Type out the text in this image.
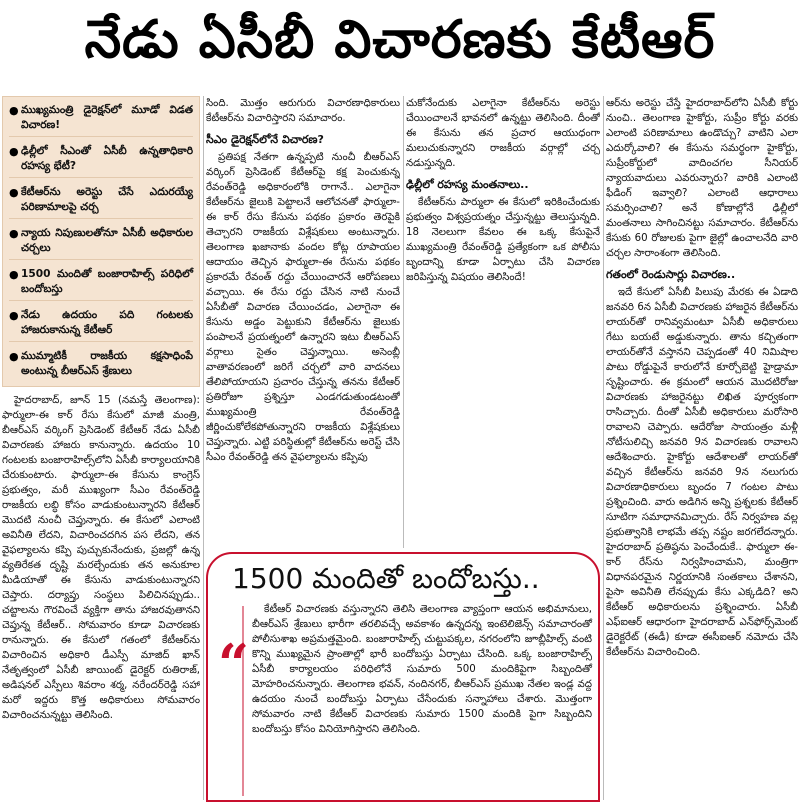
నేడు ఏసీబీ విచారణకు కేటీఆర్
● ముఖ్యమంత్రి డైరెక్షన్‌లో మూడో విడత విచారణ!
● ఢిల్లీలో సీఎంతో ఏసీబీ ఉన్నతాధికారి రహస్య భేటీ?
● కేటీఆర్‌ను అరెస్టు చేసే ఎదురయ్యే పరిణామాలపై చర్చ
● న్యాయ నిపుణులతోనూ ఏసీబీ అధికారుల చర్చలు
● 1500 మందితో బంజారాహిల్స్ పరిధిలో బందోబస్తు
● నేడు ఉదయం పది గంటలకు హాజరుకానున్న కేటీఆర్
● ముమ్మాటికీ రాజకీయ కక్షసాధింపే అంటున్న బీఆర్ఎస్ శ్రేణులు

హైదరాబాద్, జూన్ 15 (నమస్తే తెలంగాణ): ఫార్ములా-ఈ కార్ రేసు కేసులో మాజీ మంత్రి, బీఆర్ఎస్ వర్కింగ్ ప్రెసిడెంట్ కేటీఆర్ నేడు ఏసీబీ విచారణకు హాజరు కానున్నారు. ఉదయం 10 గంటలకు బంజారాహిల్స్‌లోని ఏసీబీ కార్యాలయానికి చేరుకుంటారు. ఫార్ములా-ఈ కేసును కాంగ్రెస్ ప్రభుత్వం, మరీ ముఖ్యంగా సీఎం రేవంత్‌రెడ్డి రాజకీయ లబ్ధి కోసం వాడుకుంటున్నారని కేటీఆర్ మొదటి నుంచీ చెప్తున్నారు. ఈ కేసులో ఎలాంటి అవినీతి లేదని, విచారించదగిన పస లేదని, తన వైఫల్యాలను కప్పి పుచ్చుకునేందుకు, ప్రజల్లో ఉన్న వ్యతిరేకత దృష్టి మరల్చేందుకు తన అనుకూల మీడియాతో ఈ కేసును వాడుకుంటున్నారని చెప్తారు. దర్యాప్తు సంస్థలు పిలిచినప్పుడు.. చట్టాలను గౌరవించే వ్యక్తిగా తాను హాజరవుతానని చెప్తున్న కేటీఆర్.. సోమవారం కూడా విచారణకు రానున్నారు. ఈ కేసులో గతంలో కేటీఆర్‌ను విచారించిన అధికారి డీఎస్పీ మాజిద్ ఖాన్ నేతృత్వంలో ఏసీబీ జాయింట్ డైరెక్టర్ రుతిరాజ్, అడిషనల్ ఎస్పీలు శివరాం శర్మ, నరేందర్‌రెడ్డి సహా మరో ఇద్దరు కొత్త అధికారులు సోమవారం విచారించనున్నట్టు తెలిసింది.

సింది. మొత్తం ఆరుగురు విచారణాధికారులు కేటీఆర్‌ను విచారిస్తారని సమాచారం.

సీఎం డైరెక్షన్‌లోనే విచారణ?

ప్రతిపక్ష నేతగా ఉన్నప్పటి నుంచీ బీఆర్ఎస్ వర్కింగ్ ప్రెసిడెంట్ కేటీఆర్‌పై కక్ష పెంచుకున్న రేవంత్‌రెడ్డి అధికారంలోకి రాగానే.. ఎలాగైనా కేటీఆర్‌ను జైలుకి పెట్టాలనే ఆలోచనతో ఫార్ములా-ఈ కార్ రేసు కేసును పథకం ప్రకారం తెరపైకి తెచ్చారని రాజకీయ విశ్లేషకులు అంటున్నారు. తెలంగాణ ఖజానాకు వందల కోట్ల రూపాయల ఆదాయం తెచ్చిన ఫార్ములా-ఈ రేసును పథకం ప్రకారమే రేవంత్ రద్దు చేయించారనే ఆరోపణలు వచ్చాయి. ఈ రేసు రద్దు చేసిన నాటి నుంచే ఏసీబీతో విచారణ చేయించడం, ఎలాగైనా ఈ కేసును అడ్డం పెట్టుకుని కేటీఆర్‌ను జైలుకు పంపాలనే ప్రయత్నంలో ఉన్నారని ఇటు బీఆర్ఎస్ వర్గాలు సైతం చెప్తున్నాయి. అసెంబ్లీ వాతావరణంలో జరిగే చర్చలో వారి వాదనలు తేలిపోయాయని ప్రచారం చేస్తున్న తనను కేటీఆర్ ప్రతిరోజూ ప్రశ్నిస్తూ ఎండగడుతుండటంతో ముఖ్యమంత్రి రేవంత్‌రెడ్డి జీర్ణించుకోలేకపోతున్నారని రాజకీయ విశ్లేషకులు చెప్తున్నారు. ఎట్టి పరిస్థితుల్లో కేటీఆర్‌ను అరెస్ట్ చేసి సీఎం రేవంత్‌రెడ్డి తన వైఫల్యాలను కప్పిపు

చుకోనేందుకు ఎలాగైనా కేటీఆర్‌ను అరెస్టు చేయించాలనే భావనలో ఉన్నట్టు తెలిసింది. దీంతో ఈ కేసును తన ప్రచార ఆయుధంగా మలుచుకున్నారని రాజకీయ వర్గాల్లో చర్చ నడుస్తున్నది.

ఢిల్లీలో రహస్య మంతనాలు..

కేటీఆర్‌ను పార్ములా ఈ కేసులో ఇరికించేందుకు ప్రభుత్వం విశ్వప్రయత్నం చేస్తున్నట్టు తెలుస్తున్నది. 18 నెలలుగా కేవలం ఈ ఒక్క కేసుపైనే ముఖ్యమంత్రి రేవంత్‌రెడ్డి ప్రత్యేకంగా ఒక పోలీసు బృందాన్ని కూడా ఏర్పాటు చేసి విచారణ జరిపిస్తున్న విషయం తెలిసిందే!

ఆర్‌ను అరెస్టు చేస్తే హైదరాబాద్‌లోని ఏసీబీ కోర్టు నుంచి.. తెలంగాణ హైకోర్టు, సుప్రీం కోర్టు వరకు ఎలాంటి పరిణామాలు ఉండొచ్చు? వాటిని ఎలా ఎదుర్కోవాలి? ఈ కేసును సమర్థంగా హైకోర్టు, సుప్రీంకోర్టులో వాదించగల సీనియర్ న్యాయవాదులు ఎవరున్నారు? వారికి ఎలాంటి ఫీడింగ్ ఇవ్వాలి? ఎలాంటి ఆధారాలు సమర్పించాలి? అనే కోణాల్లోనే ఢిల్లీలో మంతనాలు సాగించినట్టు సమాచారం. కేటీఆర్‌ను కేసుకు 60 రోజులకు పైగా జైల్లో ఉంచాలనేది వారి చర్చల సారాంశంగా తెలిసింది.

గతంలో రెండుసార్లు విచారణ..

ఇదే కేసులో ఏసీబీ పిలుపు మేరకు ఈ ఏడాది జనవరి 6న ఏసీబీ విచారణకు హాజరైన కేటీఆర్‌ను లాయర్‌తో రానివ్వమంటూ ఏసీబీ అధికారులు గేటు బయటే అడ్డుకున్నారు. తాను కచ్చితంగా లాయర్‌తోనే వస్తానని చెప్పడంతో 40 నిమిషాల పాటు రోడ్డుపైనే కారులోనే కూర్చోబెట్టి హైడ్రామా సృష్టించారు. ఈ క్రమంలో ఆయన మొదటిరోజు విచారణకు హాజరైనట్టు లిఖిత పూర్వకంగా రాసిచ్చారు. దీంతో ఏసీబీ అధికారులు మరోసారి రావాలని చెప్పారు. ఆదేరోజు సాయంత్రం మళ్లీ నోటీసులిచ్చి జనవరి 9న విచారణకు రావాలని ఆదేశించారు. హైకోర్టు ఆదేశాలతో లాయర్‌తో వచ్చిన కేటీఆర్‌ను జనవరి 9న నలుగురు విచారణాధికారులు బృందం 7 గంటల పాటు ప్రశ్నించింది. వారు అడిగిన అన్ని ప్రశ్నలకు కేటీఆర్ సూటిగా సమాధానమిచ్చారు. రేస్ నిర్వహణ వల్ల ప్రభుత్వానికి లాభమే తప్ప నష్టం జరగలేదన్నారు. హైదరాబాద్ ప్రతిష్ఠను పెంచేందుకే.. ఫార్ములా ఈ-కార్ రేస్‌ను నిర్వహించామని, మంత్రిగా విధానపరమైన నిర్ణయానికి సంతకాలు చేశానని, పైసా అవినీతి లేనప్పుడు కేసు ఎక్కడిది? అని కేటీఆర్ అధికారులను ప్రశ్నించారు. ఏసీబీ ఎఫ్ఐఆర్ ఆధారంగా హైదరాబాద్ ఎన్‌ఫోర్స్‌మెంట్ డైరెక్టరేట్ (ఈడీ) కూడా ఈసీఐఆర్ నమోదు చేసి కేటీఆర్‌ను విచారించింది.

1500 మందితో బందోబస్తు..
“

కేటీఆర్ విచారణకు వస్తున్నారని తెలిసి తెలంగాణ వ్యాప్తంగా ఆయన అభిమానులు, బీఆర్ఎస్ శ్రేణులు భారీగా తరలివచ్చే అవకాశం ఉన్నదన్న ఇంటెలిజెన్స్ సమాచారంతో పోలీసుశాఖ అప్రమత్తమైంది. బంజారాహిల్స్ చుట్టుపక్కల, నగరంలోని జూబ్లీహిల్స్ వంటి కొన్ని ముఖ్యమైన ప్రాంతాల్లో భారీ బందోబస్తు ఏర్పాటు చేసింది. ఒక్క బంజారాహిల్స్ ఏసీబీ కార్యాలయం పరిధిలోనే సుమారు 500 మందికిపైగా సిబ్బందితో మోహరించనున్నారు. తెలంగాణ భవన్, నందినగర్, బీఆర్ఎస్ ప్రముఖ నేతల ఇండ్ల వద్ద ఉదయం నుంచే బందోబస్తు ఏర్పాటు చేసేందుకు సన్నాహాలు చేశారు. మొత్తంగా సోమవారం నాటి కేటీఆర్ విచారణకు సుమారు 1500 మందికి పైగా సిబ్బందిని బందోబస్తు కోసం వినియోగిస్తారని తెలిసింది.
